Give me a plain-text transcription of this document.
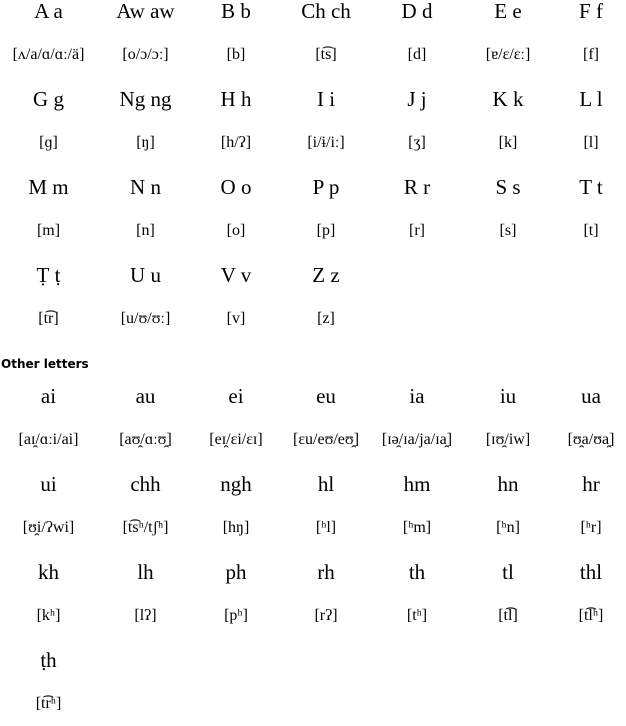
A a	Aw aw	B b	Ch ch	D d	E e	F f
[ʌ/a/ɑ/ɑː/ä]	[o/ɔ/ɔː]	[b]	[t͡s]	[d]	[ɐ/ɛ/ɛː]	[f]
G g	Ng ng	H h	I i	J j	K k	L l
[ɡ]	[ŋ]	[h/ʔ]	[i/ɨ/iː]	[ʒ]	[k]	[l]
M m	N n	O o	P p	R r	S s	T t
[m]	[n]	[o]	[p]	[r]	[s]	[t]
Ṭ ṭ	U u	V v	Z z
[t͡r]	[u/ʊ/ʊː]	[v]	[z]
Other letters
ai	au	ei	eu	ia	iu	ua
[aɪ̯/ɑːi/ai]	[aʊ̯/ɑːʊ̯]	[eɪ̯/ɛi/ɛɪ]	[ɛu/eʊ/eʊ̯]	[ɪə̯/ɪa/ja/ɪa̯]	[ɪʊ̯/iw]	[ʊ̯a/ʊa̯]
ui	chh	ngh	hl	hm	hn	hr
[ʊ̯i/ʔwi]	[t͡sʰ/tʃʰ]	[hŋ]	[ʰl]	[ʰm]	[ʰn]	[ʰr]
kh	lh	ph	rh	th	tl	thl
[kʰ]	[lʔ]	[pʰ]	[rʔ]	[tʰ]	[t͡l]	[t͡lʰ]
ṭh
[t͡rʰ]
